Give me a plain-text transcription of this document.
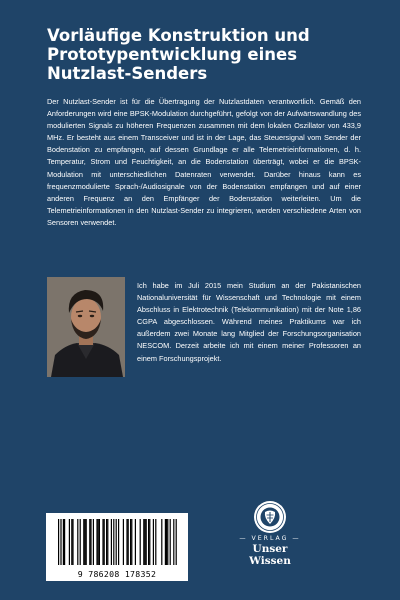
Vorläufige Konstruktion und
Prototypentwicklung eines
Nutzlast-Senders

Der Nutzlast-Sender ist für die Übertragung der Nutzlastdaten verantwortlich. Gemäß den Anforderungen wird eine BPSK-Modulation durchgeführt, gefolgt von der Aufwärtswandlung des modulierten Signals zu höheren Frequenzen zusammen mit dem lokalen Oszillator von 433,9 MHz. Er besteht aus einem Transceiver und ist in der Lage, das Steuersignal vom Sender der Bodenstation zu empfangen, auf dessen Grundlage er alle Telemetrieinformationen, d. h. Temperatur, Strom und Feuchtigkeit, an die Bodenstation überträgt, wobei er die BPSK-Modulation mit unterschiedlichen Datenraten verwendet. Darüber hinaus kann es frequenzmodulierte Sprach-/Audiosignale von der Bodenstation empfangen und auf einer anderen Frequenz an den Empfänger der Bodenstation weiterleiten. Um die Telemetrieinformationen in den Nutzlast-Sender zu integrieren, werden verschiedene Arten von Sensoren verwendet.

Ich habe im Juli 2015 mein Studium an der Pakistanischen Nationaluniversität für Wissenschaft und Technologie mit einem Abschluss in Elektrotechnik (Telekommunikation) mit der Note 1,86 CGPA abgeschlossen. Während meines Praktikums war ich außerdem zwei Monate lang Mitglied der Forschungsorganisation NESCOM. Derzeit arbeite ich mit einem meiner Professoren an einem Forschungsprojekt.

— VERLAG —
Unser Wissen
9 786208 178352
